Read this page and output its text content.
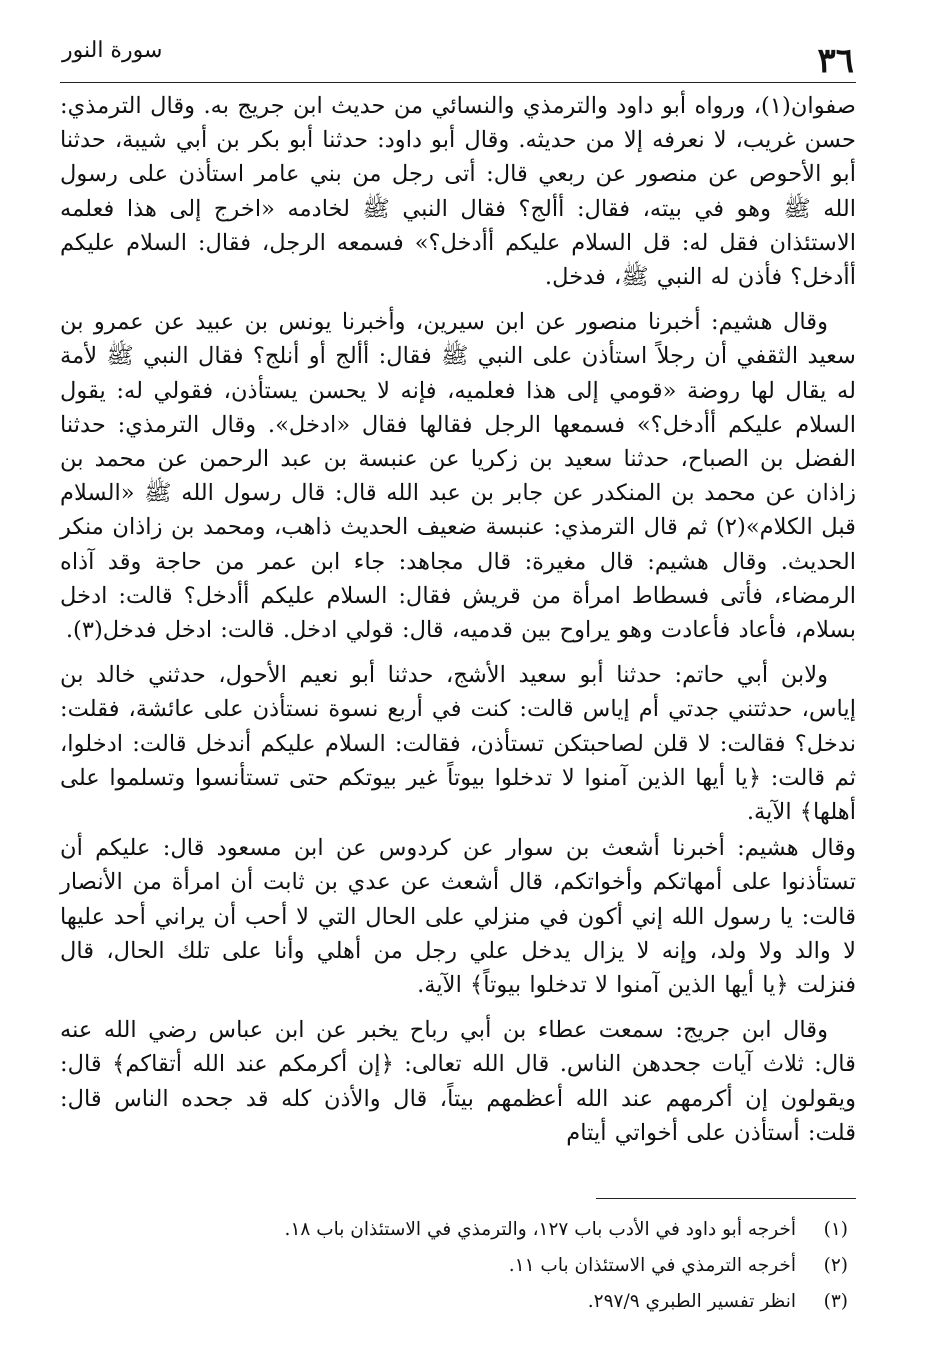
٣٦
سورة النور

صفوان(١)، ورواه أبو داود والترمذي والنسائي من حديث ابن جريج به. وقال الترمذي: حسن غريب، لا نعرفه إلا من حديثه. وقال أبو داود: حدثنا أبو بكر بن أبي شيبة، حدثنا أبو الأحوص عن منصور عن ربعي قال: أتى رجل من بني عامر استأذن على رسول الله ﷺ وهو في بيته، فقال: أألج؟ فقال النبي ﷺ لخادمه «اخرج إلى هذا فعلمه الاستئذان فقل له: قل السلام عليكم أأدخل؟» فسمعه الرجل، فقال: السلام عليكم أأدخل؟ فأذن له النبي ﷺ، فدخل.

وقال هشيم: أخبرنا منصور عن ابن سيرين، وأخبرنا يونس بن عبيد عن عمرو بن سعيد الثقفي أن رجلاً استأذن على النبي ﷺ فقال: أألج أو أنلج؟ فقال النبي ﷺ لأمة له يقال لها روضة «قومي إلى هذا فعلميه، فإنه لا يحسن يستأذن، فقولي له: يقول السلام عليكم أأدخل؟» فسمعها الرجل فقالها فقال «ادخل». وقال الترمذي: حدثنا الفضل بن الصباح، حدثنا سعيد بن زكريا عن عنبسة بن عبد الرحمن عن محمد بن زاذان عن محمد بن المنكدر عن جابر بن عبد الله قال: قال رسول الله ﷺ «السلام قبل الكلام»(٢) ثم قال الترمذي: عنبسة ضعيف الحديث ذاهب، ومحمد بن زاذان منكر الحديث. وقال هشيم: قال مغيرة: قال مجاهد: جاء ابن عمر من حاجة وقد آذاه الرمضاء، فأتى فسطاط امرأة من قريش فقال: السلام عليكم أأدخل؟ قالت: ادخل بسلام، فأعاد فأعادت وهو يراوح بين قدميه، قال: قولي ادخل. قالت: ادخل فدخل(٣).

ولابن أبي حاتم: حدثنا أبو سعيد الأشج، حدثنا أبو نعيم الأحول، حدثني خالد بن إياس، حدثتني جدتي أم إياس قالت: كنت في أربع نسوة نستأذن على عائشة، فقلت: ندخل؟ فقالت: لا قلن لصاحبتكن تستأذن، فقالت: السلام عليكم أندخل قالت: ادخلوا، ثم قالت: ﴿يا أيها الذين آمنوا لا تدخلوا بيوتاً غير بيوتكم حتى تستأنسوا وتسلموا على أهلها﴾ الآية.

وقال هشيم: أخبرنا أشعث بن سوار عن كردوس عن ابن مسعود قال: عليكم أن تستأذنوا على أمهاتكم وأخواتكم، قال أشعث عن عدي بن ثابت أن امرأة من الأنصار قالت: يا رسول الله إني أكون في منزلي على الحال التي لا أحب أن يراني أحد عليها لا والد ولا ولد، وإنه لا يزال يدخل علي رجل من أهلي وأنا على تلك الحال، قال فنزلت ﴿يا أيها الذين آمنوا لا تدخلوا بيوتاً﴾ الآية.

وقال ابن جريج: سمعت عطاء بن أبي رباح يخبر عن ابن عباس رضي الله عنه قال: ثلاث آيات جحدهن الناس. قال الله تعالى: ﴿إن أكرمكم عند الله أتقاكم﴾ قال: ويقولون إن أكرمهم عند الله أعظمهم بيتاً، قال والأذن كله قد جحده الناس قال: قلت: أستأذن على أخواتي أيتام

(١)
أخرجه أبو داود في الأدب باب ١٢٧، والترمذي في الاستئذان باب ١٨.
(٢)
أخرجه الترمذي في الاستئذان باب ١١.
(٣)
انظر تفسير الطبري ٢٩٧/٩.
